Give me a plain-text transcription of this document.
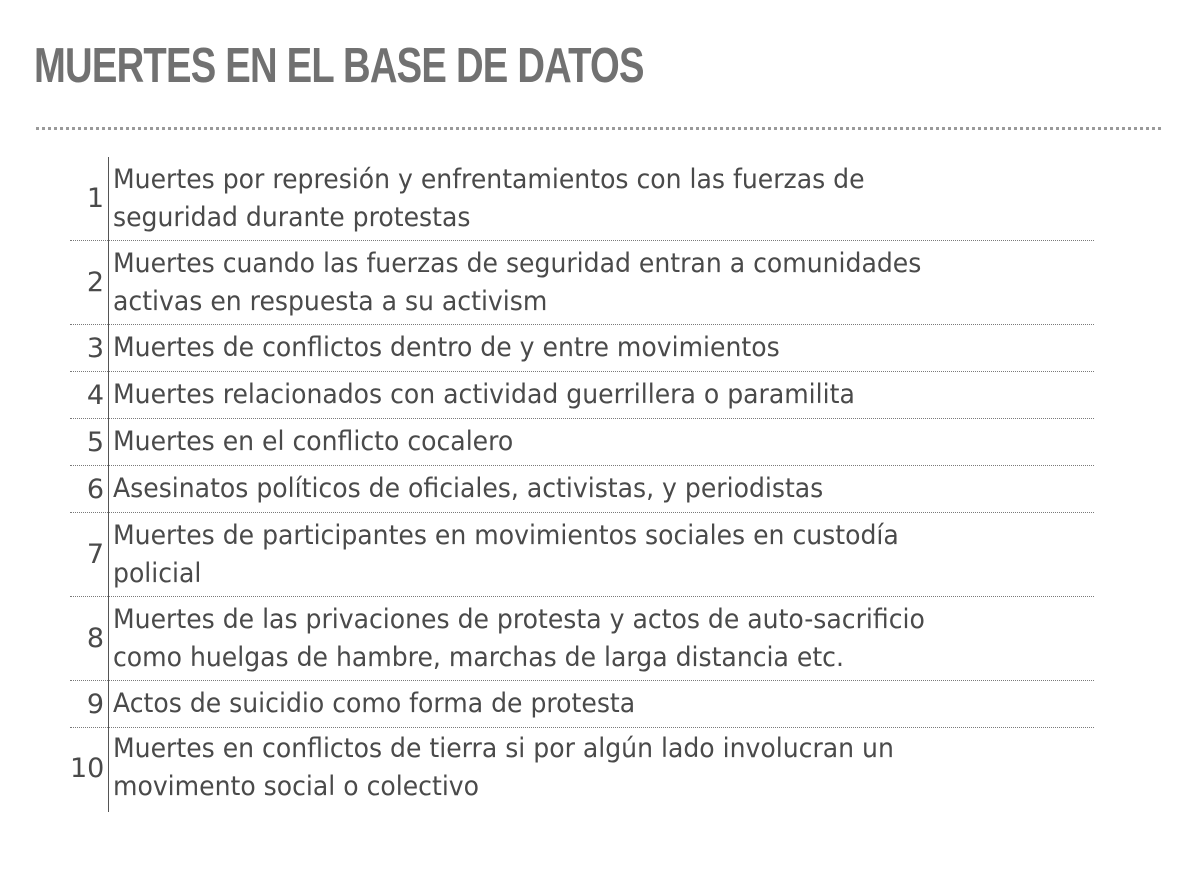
MUERTES EN EL BASE DE DATOS
1
Muertes por represión y enfrentamientos con las fuerzas de
seguridad durante protestas
2
Muertes cuando las fuerzas de seguridad entran a comunidades
activas en respuesta a su activism
3 Muertes de conflictos dentro de y entre movimientos
4 Muertes relacionados con actividad guerrillera o paramilita
5 Muertes en el conflicto cocalero
6 Asesinatos políticos de oficiales, activistas, y periodistas
7
Muertes de participantes en movimientos sociales en custodía
policial
8
Muertes de las privaciones de protesta y actos de auto-sacrificio
como huelgas de hambre, marchas de larga distancia etc.
9 Actos de suicidio como forma de protesta
10
Muertes en conflictos de tierra si por algún lado involucran un
movimento social o colectivo
